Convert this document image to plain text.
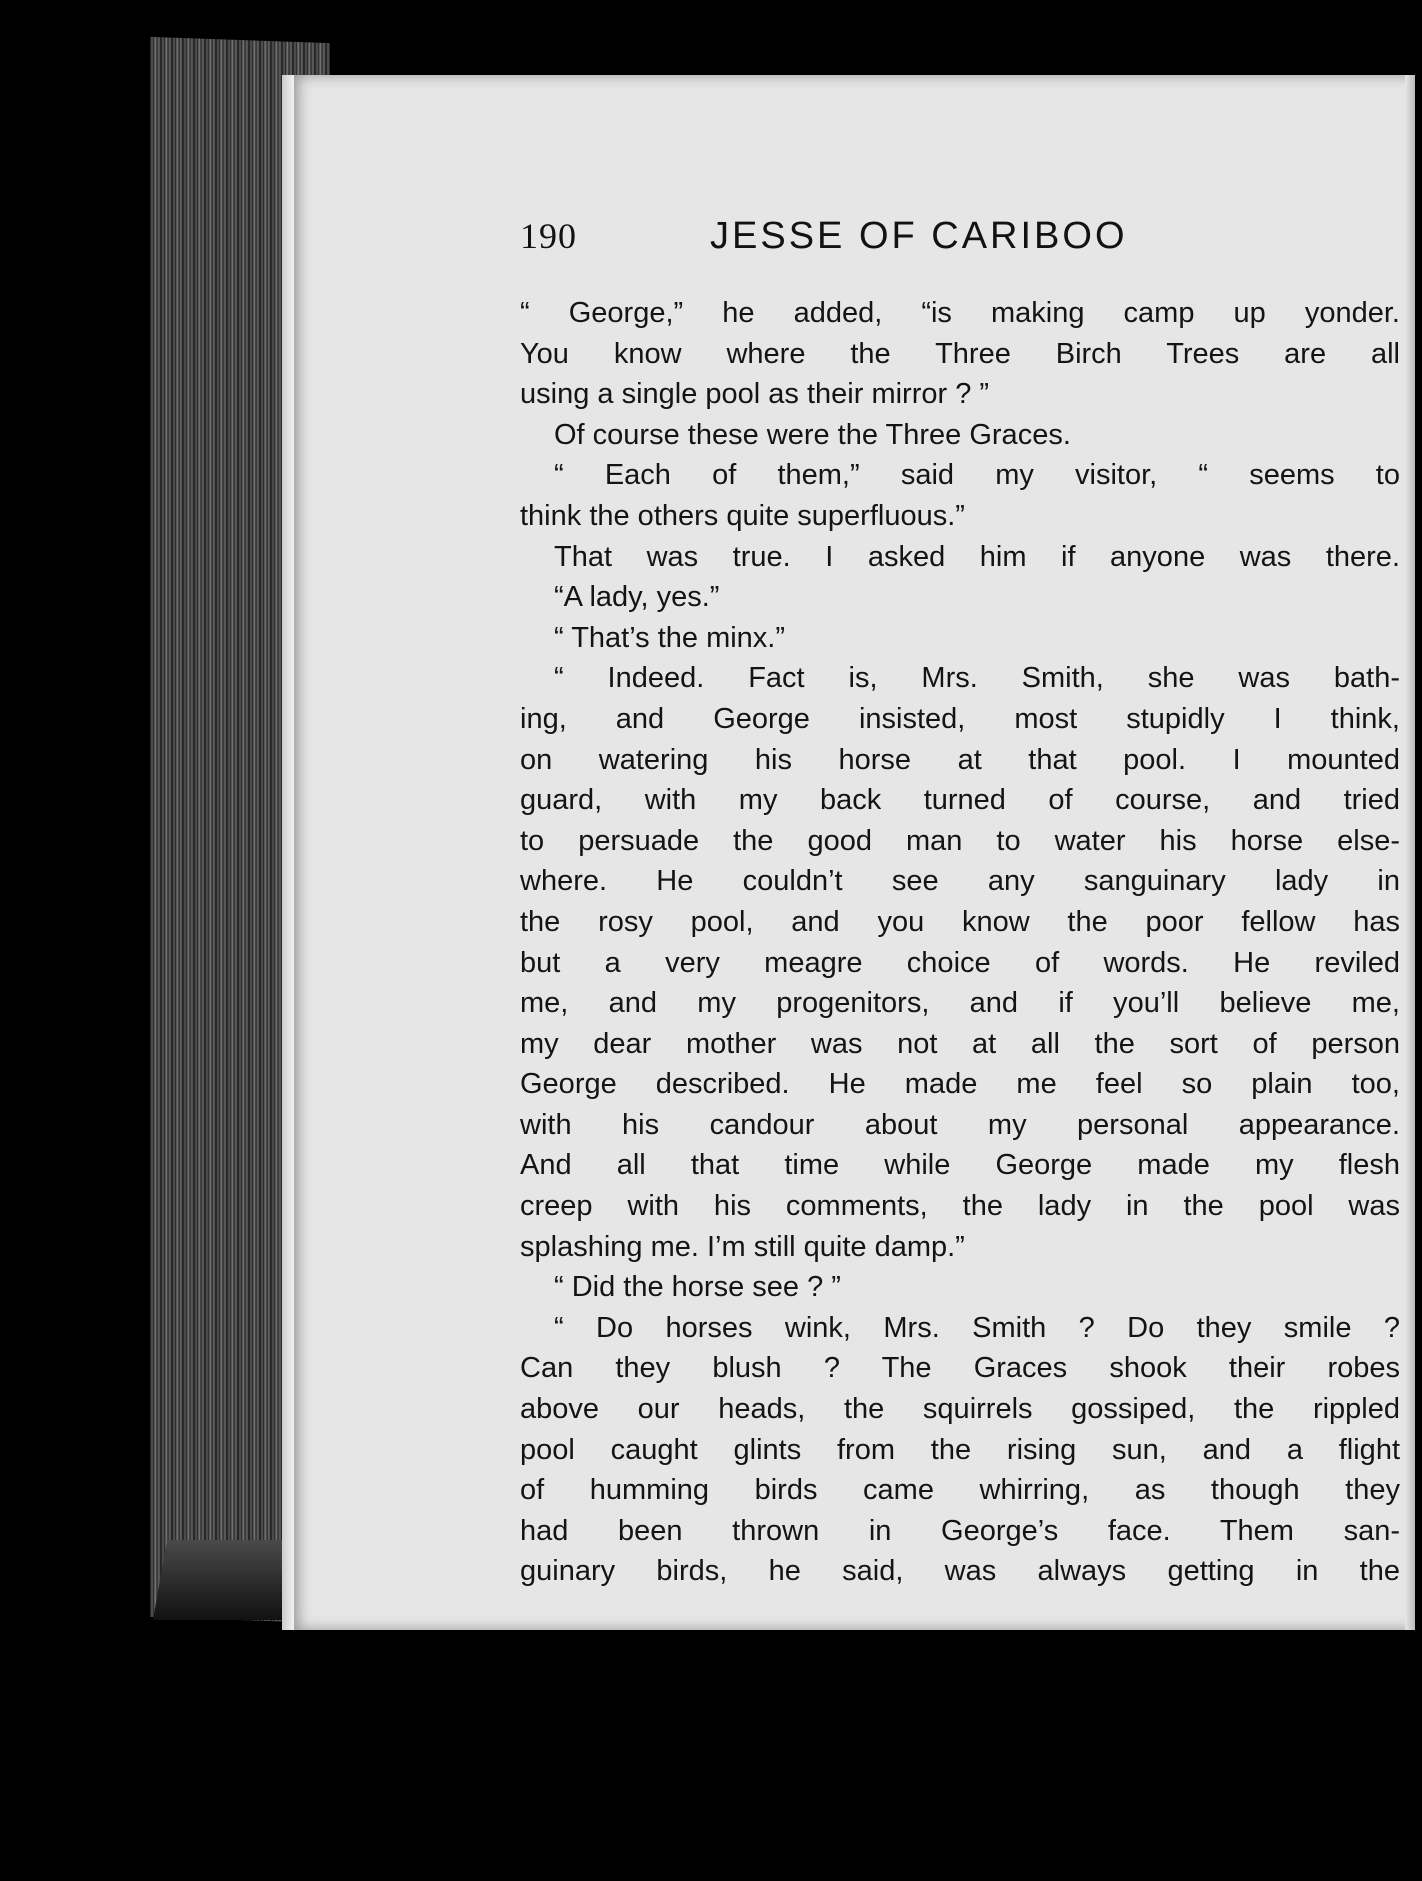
190	JESSE OF CARIBOO
“ George,” he added, “is making camp up yonder.
You know where the Three Birch Trees are all
using a single pool as their mirror ? ”
Of course these were the Three Graces.
“ Each of them,” said my visitor, “ seems to
think the others quite superfluous.”
That was true. I asked him if anyone was there.
“A lady, yes.”
“ That’s the minx.”
“ Indeed. Fact is, Mrs. Smith, she was bath-
ing, and George insisted, most stupidly I think,
on watering his horse at that pool. I mounted
guard, with my back turned of course, and tried
to persuade the good man to water his horse else-
where. He couldn’t see any sanguinary lady in
the rosy pool, and you know the poor fellow has
but a very meagre choice of words. He reviled
me, and my progenitors, and if you’ll believe me,
my dear mother was not at all the sort of person
George described. He made me feel so plain too,
with his candour about my personal appearance.
And all that time while George made my flesh
creep with his comments, the lady in the pool was
splashing me. I’m still quite damp.”
“ Did the horse see ? ”
“ Do horses wink, Mrs. Smith ? Do they smile ?
Can they blush ? The Graces shook their robes
above our heads, the squirrels gossiped, the rippled
pool caught glints from the rising sun, and a flight
of humming birds came whirring, as though they
had been thrown in George’s face. Them san-
guinary birds, he said, was always getting in the
